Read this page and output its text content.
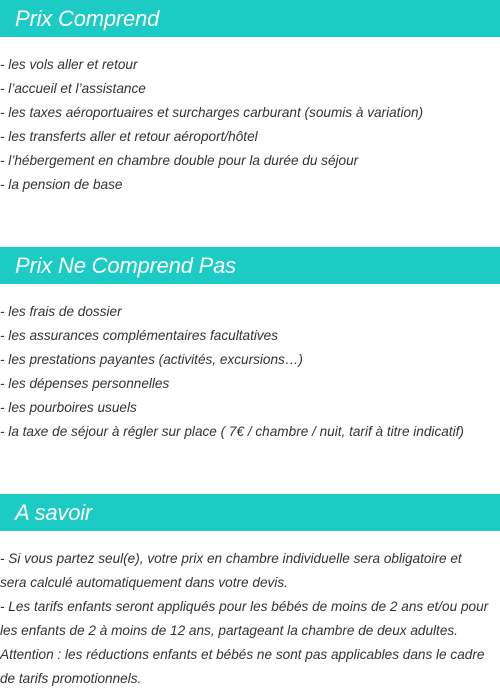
Prix Comprend
- les vols aller et retour
- l’accueil et l’assistance
- les taxes aéroportuaires et surcharges carburant (soumis à variation)
- les transferts aller et retour aéroport/hôtel
- l’hébergement en chambre double pour la durée du séjour
- la pension de base
Prix Ne Comprend Pas
- les frais de dossier
- les assurances complémentaires facultatives
- les prestations payantes (activités, excursions…)
- les dépenses personnelles
- les pourboires usuels
- la taxe de séjour à régler sur place ( 7€ / chambre / nuit, tarif à titre indicatif)
A savoir

- Si vous partez seul(e), votre prix en chambre individuelle sera obligatoire et
sera calculé automatiquement dans votre devis.
- Les tarifs enfants seront appliqués pour les bébés de moins de 2 ans et/ou pour
les enfants de 2 à moins de 12 ans, partageant la chambre de deux adultes.
Attention : les réductions enfants et bébés ne sont pas applicables dans le cadre
de tarifs promotionnels.
